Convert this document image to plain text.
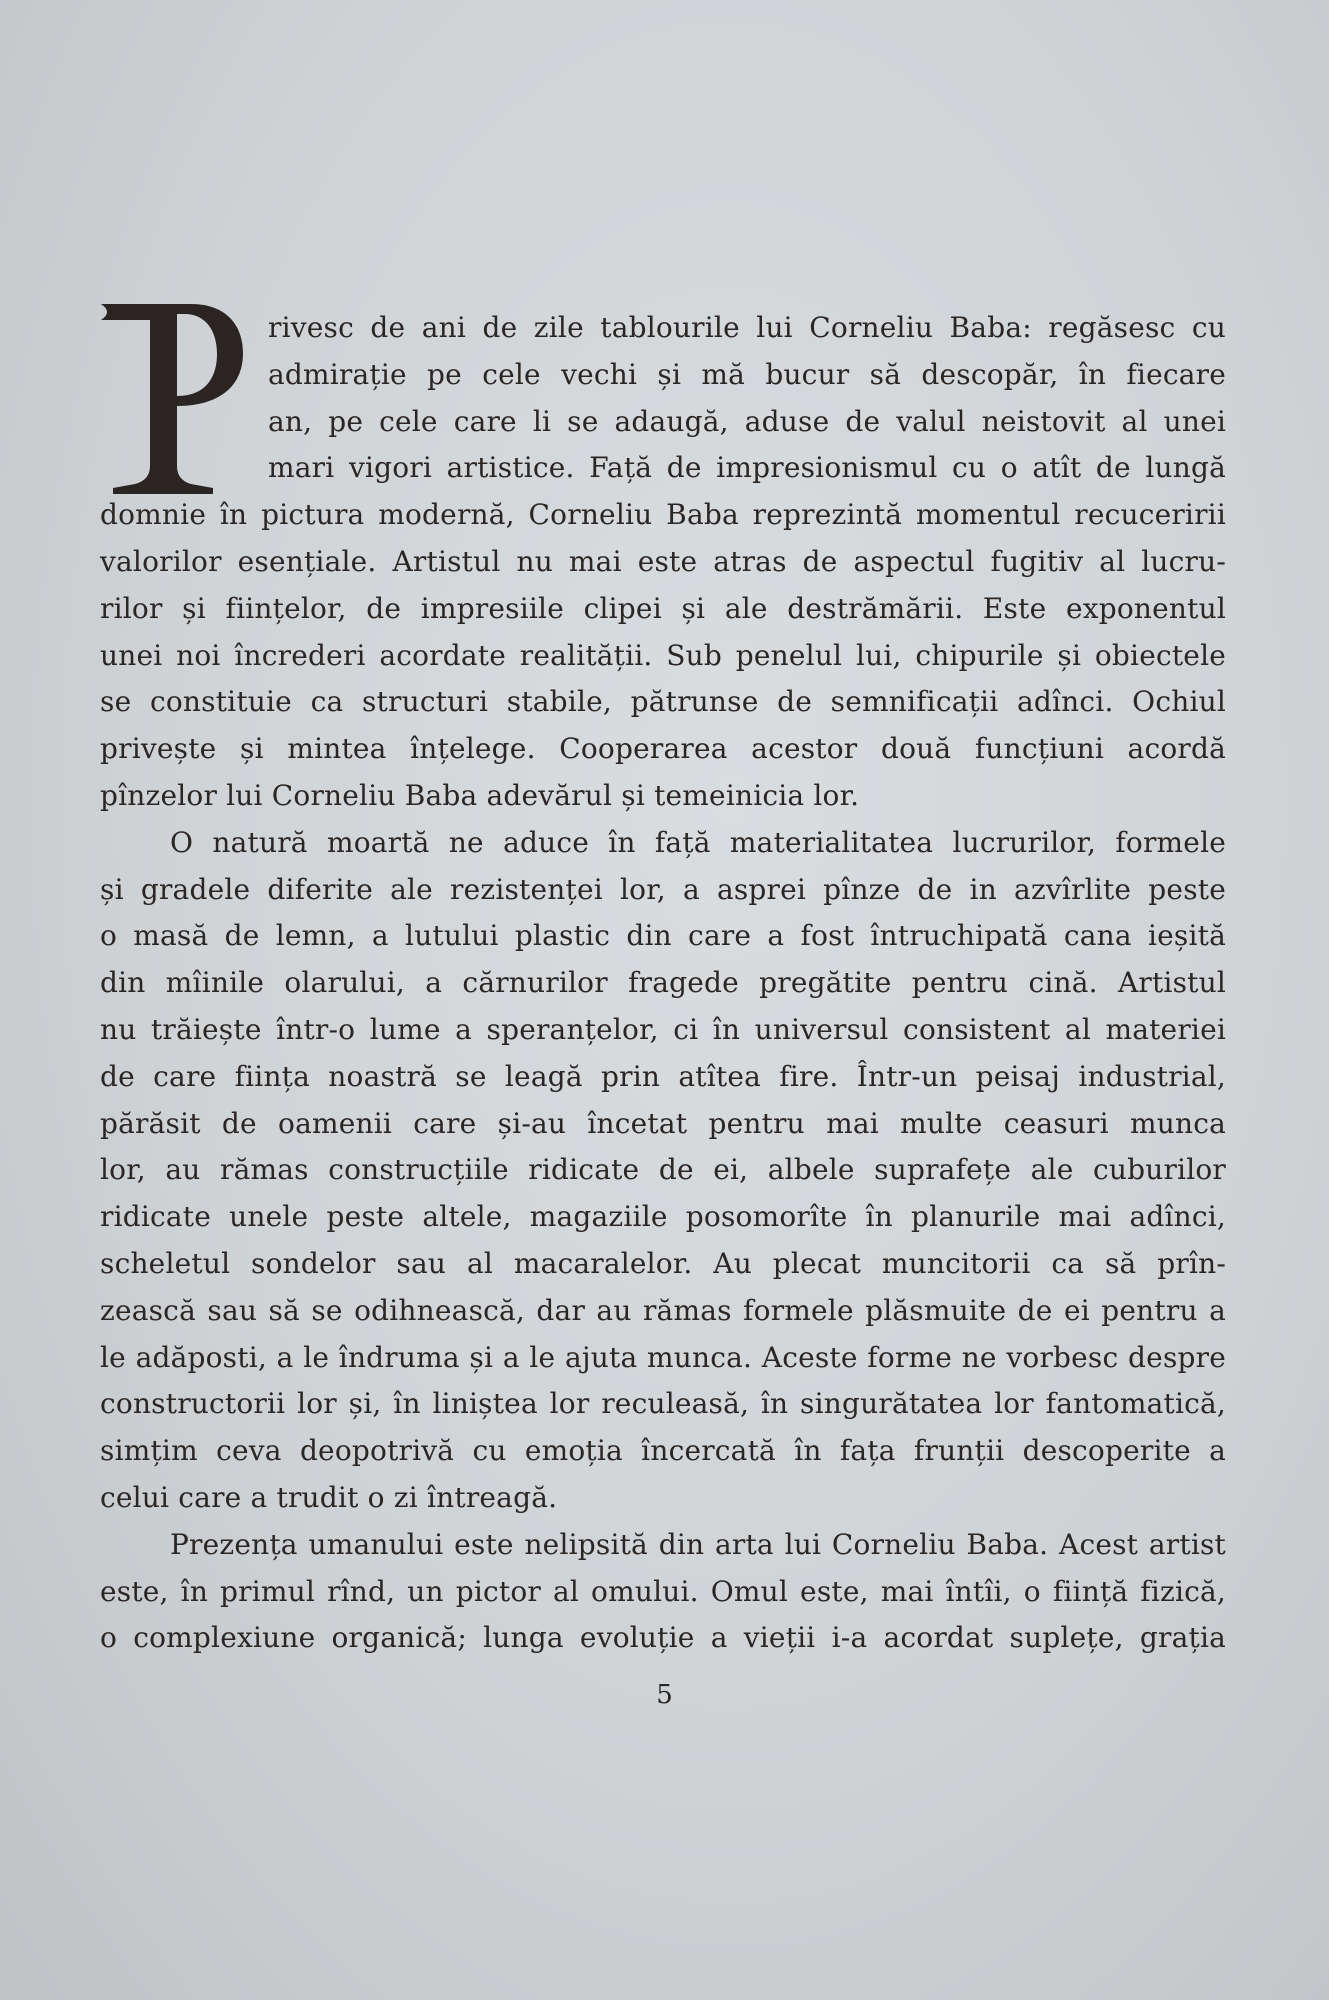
rivesc de ani de zile tablourile lui Corneliu Baba: regăsesc cu
admirație pe cele vechi și mă bucur să descopăr, în fiecare
an, pe cele care li se adaugă, aduse de valul neistovit al unei
mari vigori artistice. Față de impresionismul cu o atît de lungă
domnie în pictura modernă, Corneliu Baba reprezintă momentul recuceririi
valorilor esențiale. Artistul nu mai este atras de aspectul fugitiv al lucru-
rilor și ființelor, de impresiile clipei și ale destrămării. Este exponentul
unei noi încrederi acordate realității. Sub penelul lui, chipurile și obiectele
se constituie ca structuri stabile, pătrunse de semnificații adînci. Ochiul
privește și mintea înțelege. Cooperarea acestor două funcțiuni acordă
pînzelor lui Corneliu Baba adevărul și temeinicia lor.
O natură moartă ne aduce în față materialitatea lucrurilor, formele
și gradele diferite ale rezistenței lor, a asprei pînze de in azvîrlite peste
o masă de lemn, a lutului plastic din care a fost întruchipată cana ieșită
din mîinile olarului, a cărnurilor fragede pregătite pentru cină. Artistul
nu trăiește într-o lume a speranțelor, ci în universul consistent al materiei
de care ființa noastră se leagă prin atîtea fire. Într-un peisaj industrial,
părăsit de oamenii care și-au încetat pentru mai multe ceasuri munca
lor, au rămas construcțiile ridicate de ei, albele suprafețe ale cuburilor
ridicate unele peste altele, magaziile posomorîte în planurile mai adînci,
scheletul sondelor sau al macaralelor. Au plecat muncitorii ca să prîn-
zească sau să se odihnească, dar au rămas formele plăsmuite de ei pentru a
le adăposti, a le îndruma și a le ajuta munca. Aceste forme ne vorbesc despre
constructorii lor și, în liniștea lor reculeasă, în singurătatea lor fantomatică,
simțim ceva deopotrivă cu emoția încercată în fața frunții descoperite a
celui care a trudit o zi întreagă.
Prezența umanului este nelipsită din arta lui Corneliu Baba. Acest artist
este, în primul rînd, un pictor al omului. Omul este, mai întîi, o ființă fizică,
o complexiune organică; lunga evoluție a vieții i-a acordat suplețe, grația
5
